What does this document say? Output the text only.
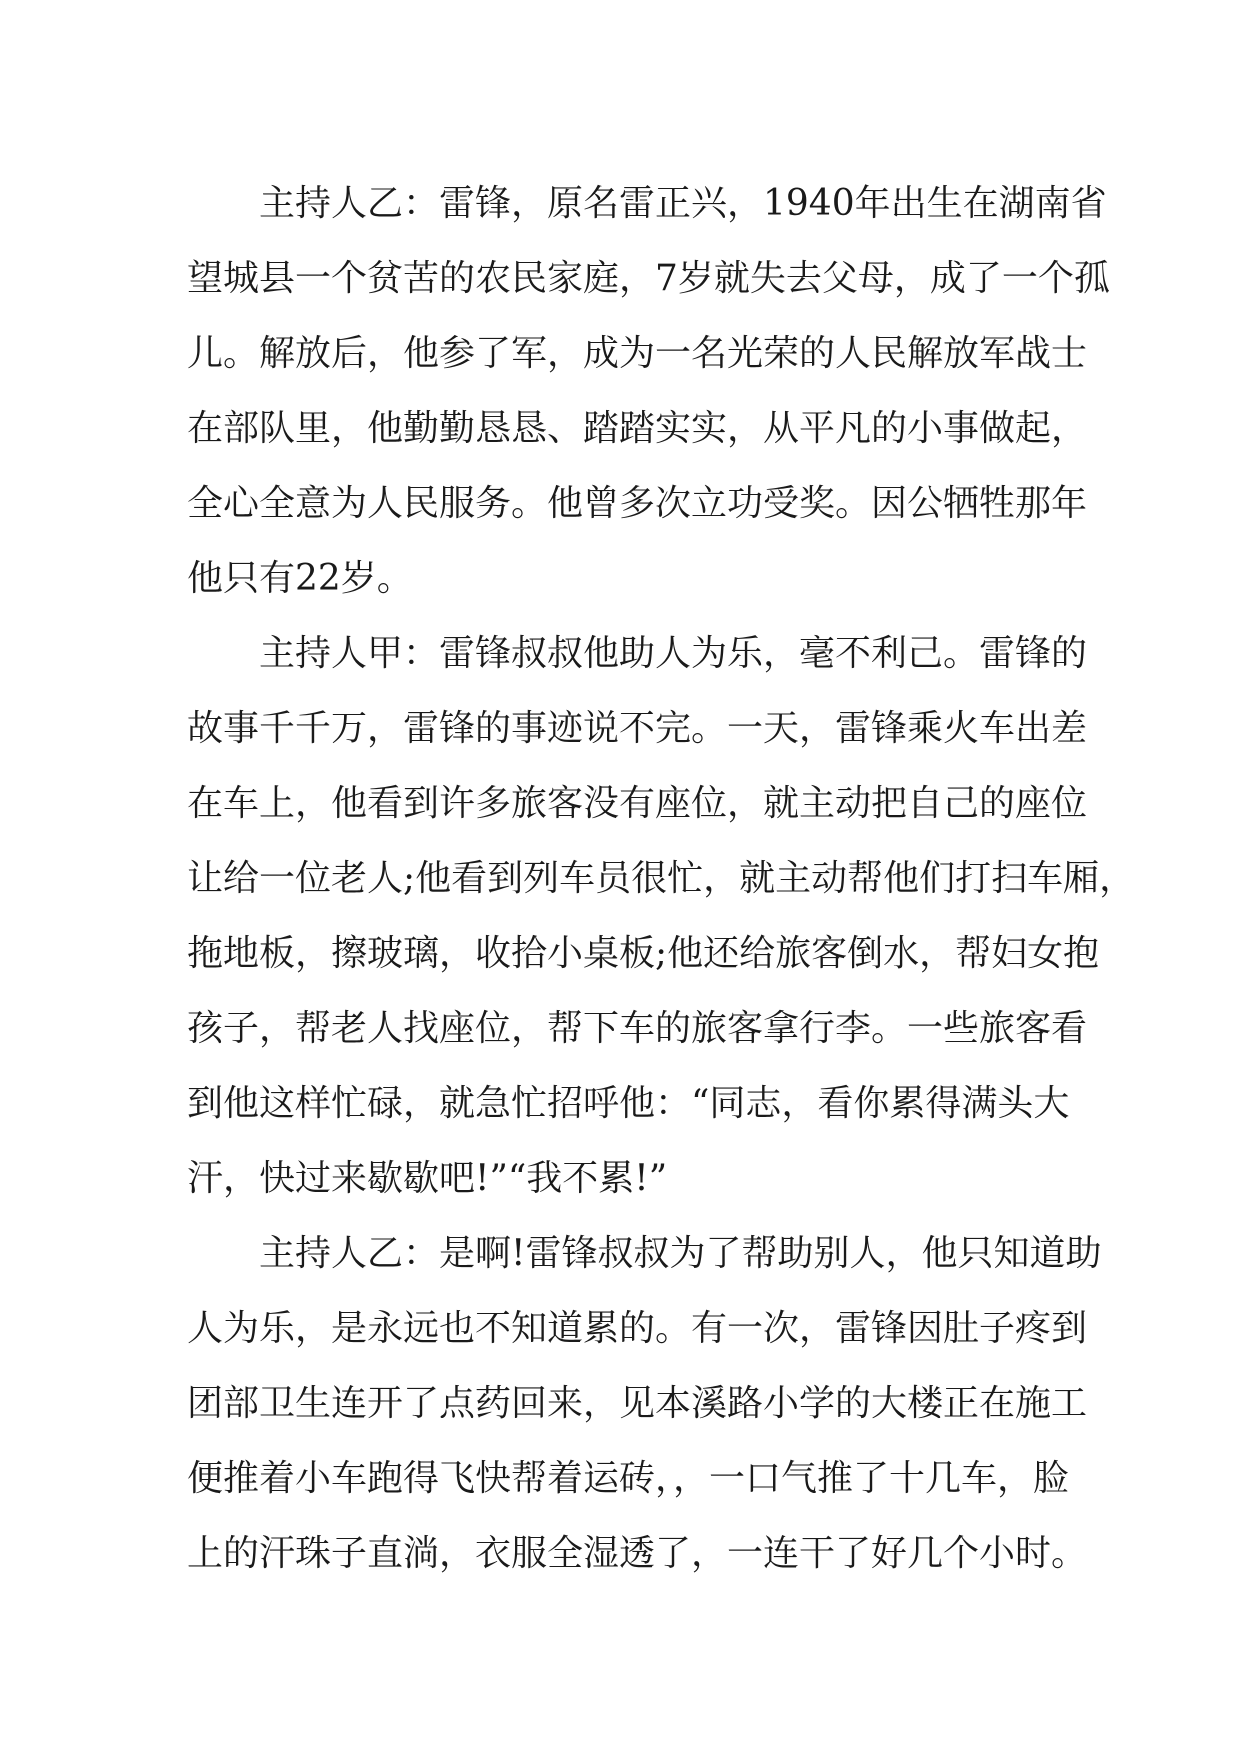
主持人乙：雷锋，原名雷正兴，1940年出生在湖南省
望城县一个贫苦的农民家庭，7岁就失去父母，成了一个孤
儿。解放后，他参了军，成为一名光荣的人民解放军战士
在部队里，他勤勤恳恳、踏踏实实，从平凡的小事做起，
全心全意为人民服务。他曾多次立功受奖。因公牺牲那年
他只有22岁。
主持人甲：雷锋叔叔他助人为乐，毫不利己。雷锋的
故事千千万，雷锋的事迹说不完。一天，雷锋乘火车出差
在车上，他看到许多旅客没有座位，就主动把自己的座位
让给一位老人;他看到列车员很忙，就主动帮他们打扫车厢，
拖地板，擦玻璃，收拾小桌板;他还给旅客倒水，帮妇女抱
孩子，帮老人找座位，帮下车的旅客拿行李。一些旅客看
到他这样忙碌，就急忙招呼他：“同志，看你累得满头大
汗，快过来歇歇吧!”“我不累!”
主持人乙：是啊!雷锋叔叔为了帮助别人，他只知道助
人为乐，是永远也不知道累的。有一次，雷锋因肚子疼到
团部卫生连开了点药回来，见本溪路小学的大楼正在施工
便推着小车跑得飞快帮着运砖，，一口气推了十几车，脸
上的汗珠子直淌，衣服全湿透了，一连干了好几个小时。
